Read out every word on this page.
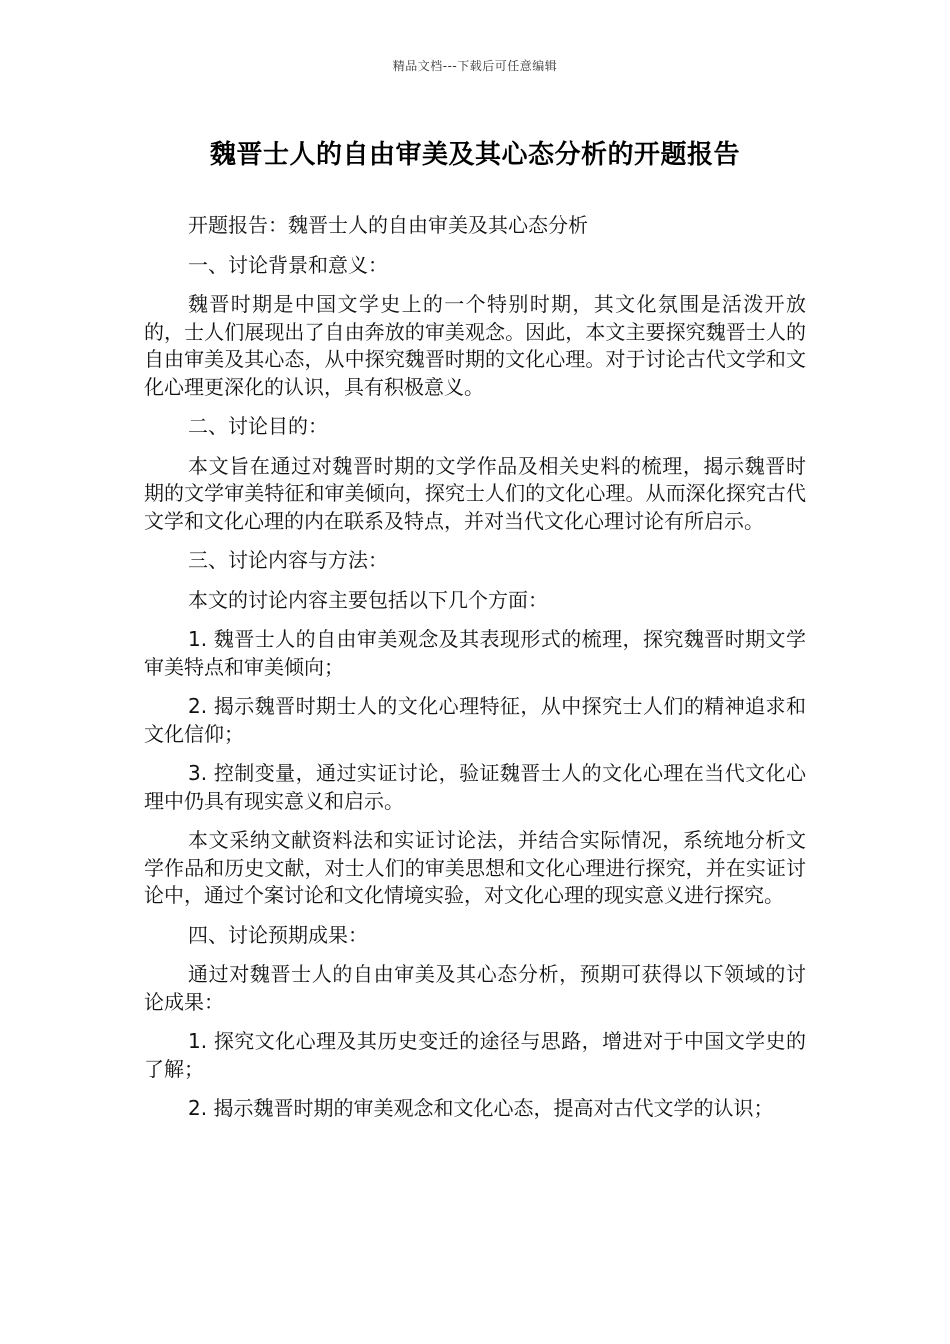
精品文档---下载后可任意编辑
魏晋士人的自由审美及其心态分析的开题报告

开题报告：魏晋士人的自由审美及其心态分析

一、讨论背景和意义：

魏晋时期是中国文学史上的一个特别时期，其文化氛围是活泼开放的，士人们展现出了自由奔放的审美观念。因此，本文主要探究魏晋士人的自由审美及其心态，从中探究魏晋时期的文化心理。对于讨论古代文学和文化心理更深化的认识，具有积极意义。

二、讨论目的：

本文旨在通过对魏晋时期的文学作品及相关史料的梳理，揭示魏晋时期的文学审美特征和审美倾向，探究士人们的文化心理。从而深化探究古代文学和文化心理的内在联系及特点，并对当代文化心理讨论有所启示。

三、讨论内容与方法：

本文的讨论内容主要包括以下几个方面：

1. 魏晋士人的自由审美观念及其表现形式的梳理，探究魏晋时期文学审美特点和审美倾向；

2. 揭示魏晋时期士人的文化心理特征，从中探究士人们的精神追求和文化信仰；

3. 控制变量，通过实证讨论，验证魏晋士人的文化心理在当代文化心理中仍具有现实意义和启示。

本文采纳文献资料法和实证讨论法，并结合实际情况，系统地分析文学作品和历史文献，对士人们的审美思想和文化心理进行探究，并在实证讨论中，通过个案讨论和文化情境实验，对文化心理的现实意义进行探究。

四、讨论预期成果：

通过对魏晋士人的自由审美及其心态分析，预期可获得以下领域的讨论成果：

1. 探究文化心理及其历史变迁的途径与思路，增进对于中国文学史的了解；

2. 揭示魏晋时期的审美观念和文化心态，提高对古代文学的认识；
